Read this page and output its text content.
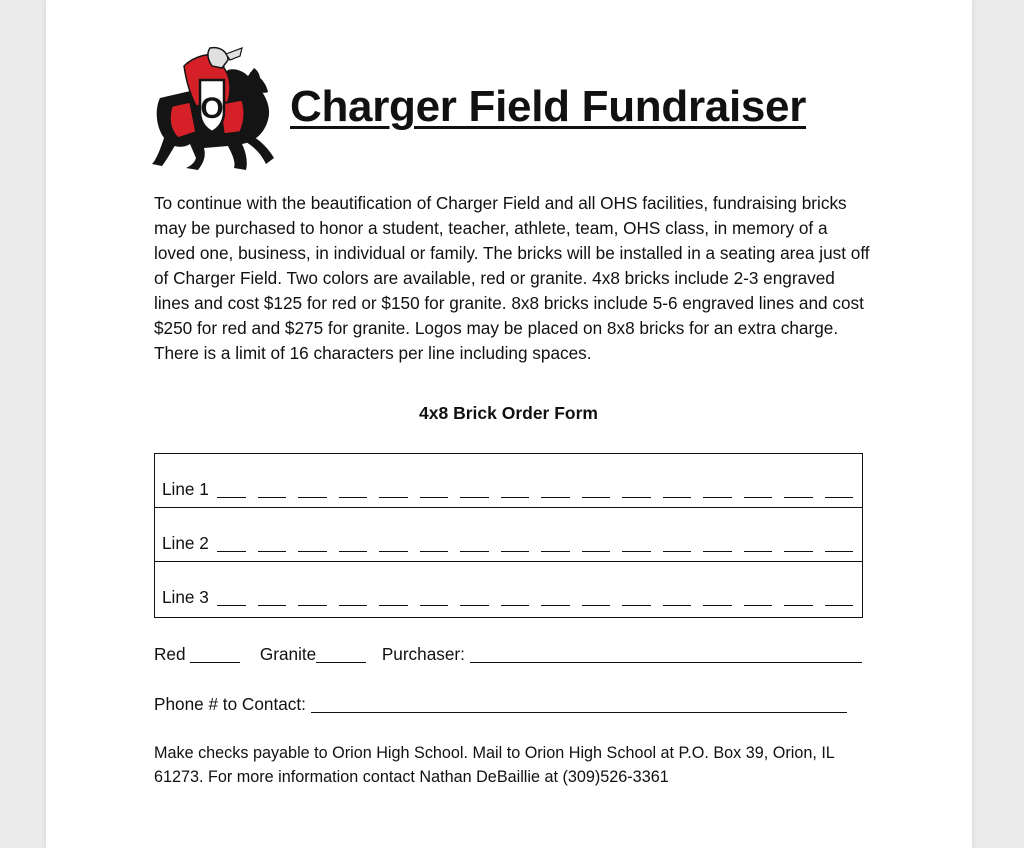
O Charger Field Fundraiser

To continue with the beautification of Charger Field and all OHS facilities, fundraising bricks may be purchased to honor a student, teacher, athlete, team, OHS class, in memory of a loved one, business, in individual or family. The bricks will be installed in a seating area just off of Charger Field. Two colors are available, red or granite. 4x8 bricks include 2-3 engraved lines and cost $125 for red or $150 for granite. 8x8 bricks include 5-6 engraved lines and cost $250 for red and $275 for granite. Logos may be placed on 8x8 bricks for an extra charge. There is a limit of 16 characters per line including spaces.

4x8 Brick Order Form

Line 1
Line 2
Line 3
Red	Granite	Purchaser:
Phone # to Contact:

Make checks payable to Orion High School. Mail to Orion High School at P.O. Box 39, Orion, IL 61273. For more information contact Nathan DeBaillie at (309)526-3361
